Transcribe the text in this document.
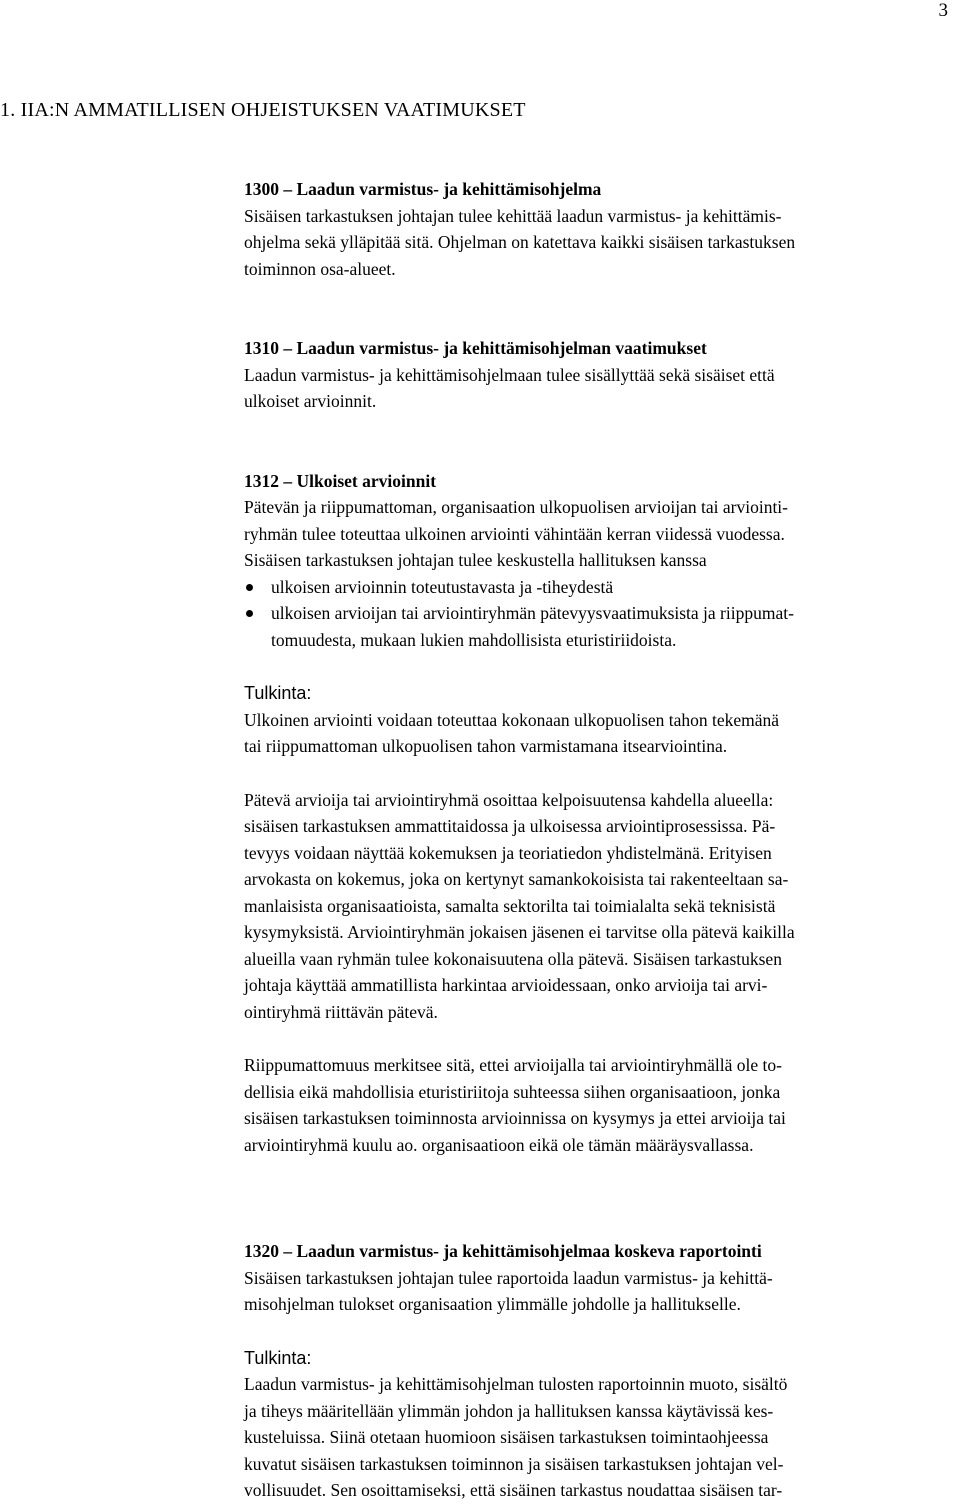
3
1. IIA:N AMMATILLISEN OHJEISTUKSEN VAATIMUKSET
1300 – Laadun varmistus- ja kehittämisohjelma

Sisäisen tarkastuksen johtajan tulee kehittää laadun varmistus- ja kehittämis-
ohjelma sekä ylläpitää sitä. Ohjelman on katettava kaikki sisäisen tarkastuksen
toiminnon osa-alueet.

1310 – Laadun varmistus- ja kehittämisohjelman vaatimukset

Laadun varmistus- ja kehittämisohjelmaan tulee sisällyttää sekä sisäiset että
ulkoiset arvioinnit.

1312 – Ulkoiset arvioinnit

Pätevän ja riippumattoman, organisaation ulkopuolisen arvioijan tai arviointi-
ryhmän tulee toteuttaa ulkoinen arviointi vähintään kerran viidessä vuodessa.
Sisäisen tarkastuksen johtajan tulee keskustella hallituksen kanssa

ulkoisen arvioinnin toteutustavasta ja -tiheydestä
ulkoisen arvioijan tai arviointiryhmän pätevyysvaatimuksista ja riippumat-
tomuudesta, mukaan lukien mahdollisista eturistiriidoista.

Tulkinta:

Ulkoinen arviointi voidaan toteuttaa kokonaan ulkopuolisen tahon tekemänä
tai riippumattoman ulkopuolisen tahon varmistamana itsearviointina.

Pätevä arvioija tai arviointiryhmä osoittaa kelpoisuutensa kahdella alueella:
sisäisen tarkastuksen ammattitaidossa ja ulkoisessa arviointiprosessissa. Pä-
tevyys voidaan näyttää kokemuksen ja teoriatiedon yhdistelmänä. Erityisen
arvokasta on kokemus, joka on kertynyt samankokoisista tai rakenteeltaan sa-
manlaisista organisaatioista, samalta sektorilta tai toimialalta sekä teknisistä
kysymyksistä. Arviointiryhmän jokaisen jäsenen ei tarvitse olla pätevä kaikilla
alueilla vaan ryhmän tulee kokonaisuutena olla pätevä. Sisäisen tarkastuksen
johtaja käyttää ammatillista harkintaa arvioidessaan, onko arvioija tai arvi-
ointiryhmä riittävän pätevä.

Riippumattomuus merkitsee sitä, ettei arvioijalla tai arviointiryhmällä ole to-
dellisia eikä mahdollisia eturistiriitoja suhteessa siihen organisaatioon, jonka
sisäisen tarkastuksen toiminnosta arvioinnissa on kysymys ja ettei arvioija tai
arviointiryhmä kuulu ao. organisaatioon eikä ole tämän määräysvallassa.

1320 – Laadun varmistus- ja kehittämisohjelmaa koskeva raportointi

Sisäisen tarkastuksen johtajan tulee raportoida laadun varmistus- ja kehittä-
misohjelman tulokset organisaation ylimmälle johdolle ja hallitukselle.

Tulkinta:

Laadun varmistus- ja kehittämisohjelman tulosten raportoinnin muoto, sisältö
ja tiheys määritellään ylimmän johdon ja hallituksen kanssa käytävissä kes-
kusteluissa. Siinä otetaan huomioon sisäisen tarkastuksen toimintaohjeessa
kuvatut sisäisen tarkastuksen toiminnon ja sisäisen tarkastuksen johtajan vel-
vollisuudet. Sen osoittamiseksi, että sisäinen tarkastus noudattaa sisäisen tar-
